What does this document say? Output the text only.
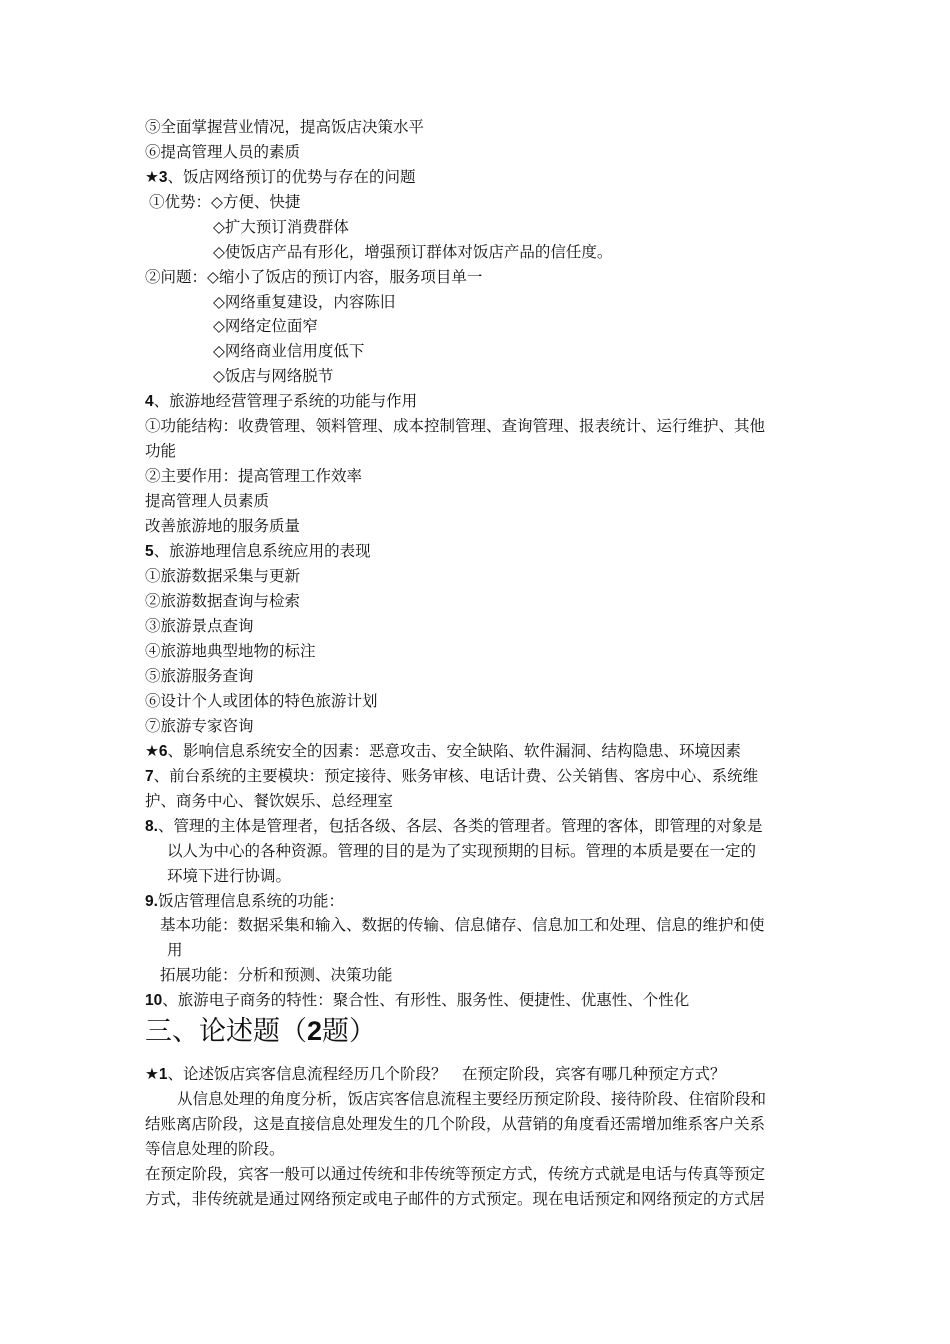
⑤全面掌握营业情况，提高饭店决策水平
⑥提高管理人员的素质
★3、饭店网络预订的优势与存在的问题
①优势：◇方便、快捷
◇扩大预订消费群体
◇使饭店产品有形化，增强预订群体对饭店产品的信任度。
②问题：◇缩小了饭店的预订内容，服务项目单一
◇网络重复建设，内容陈旧
◇网络定位面窄
◇网络商业信用度低下
◇饭店与网络脱节
4、旅游地经营管理子系统的功能与作用
①功能结构：收费管理、领料管理、成本控制管理、查询管理、报表统计、运行维护、其他
功能
②主要作用：提高管理工作效率
提高管理人员素质
改善旅游地的服务质量
5、旅游地理信息系统应用的表现
①旅游数据采集与更新
②旅游数据查询与检索
③旅游景点查询
④旅游地典型地物的标注
⑤旅游服务查询
⑥设计个人或团体的特色旅游计划
⑦旅游专家咨询
★6、影响信息系统安全的因素：恶意攻击、安全缺陷、软件漏洞、结构隐患、环境因素
7、前台系统的主要模块：预定接待、账务审核、电话计费、公关销售、客房中心、系统维
护、商务中心、餐饮娱乐、总经理室
8.、管理的主体是管理者，包括各级、各层、各类的管理者。管理的客体，即管理的对象是
以人为中心的各种资源。管理的目的是为了实现预期的目标。管理的本质是要在一定的
环境下进行协调。
9.饭店管理信息系统的功能：
基本功能：数据采集和输入、数据的传输、信息储存、信息加工和处理、信息的维护和使
用
拓展功能：分析和预测、决策功能
10、旅游电子商务的特性：聚合性、有形性、服务性、便捷性、优惠性、个性化
三、论述题（2题）
★1、论述饭店宾客信息流程经历几个阶段？　在预定阶段，宾客有哪几种预定方式？
从信息处理的角度分析，饭店宾客信息流程主要经历预定阶段、接待阶段、住宿阶段和
结账离店阶段，这是直接信息处理发生的几个阶段，从营销的角度看还需增加维系客户关系
等信息处理的阶段。
在预定阶段，宾客一般可以通过传统和非传统等预定方式，传统方式就是电话与传真等预定
方式，非传统就是通过网络预定或电子邮件的方式预定。现在电话预定和网络预定的方式居
